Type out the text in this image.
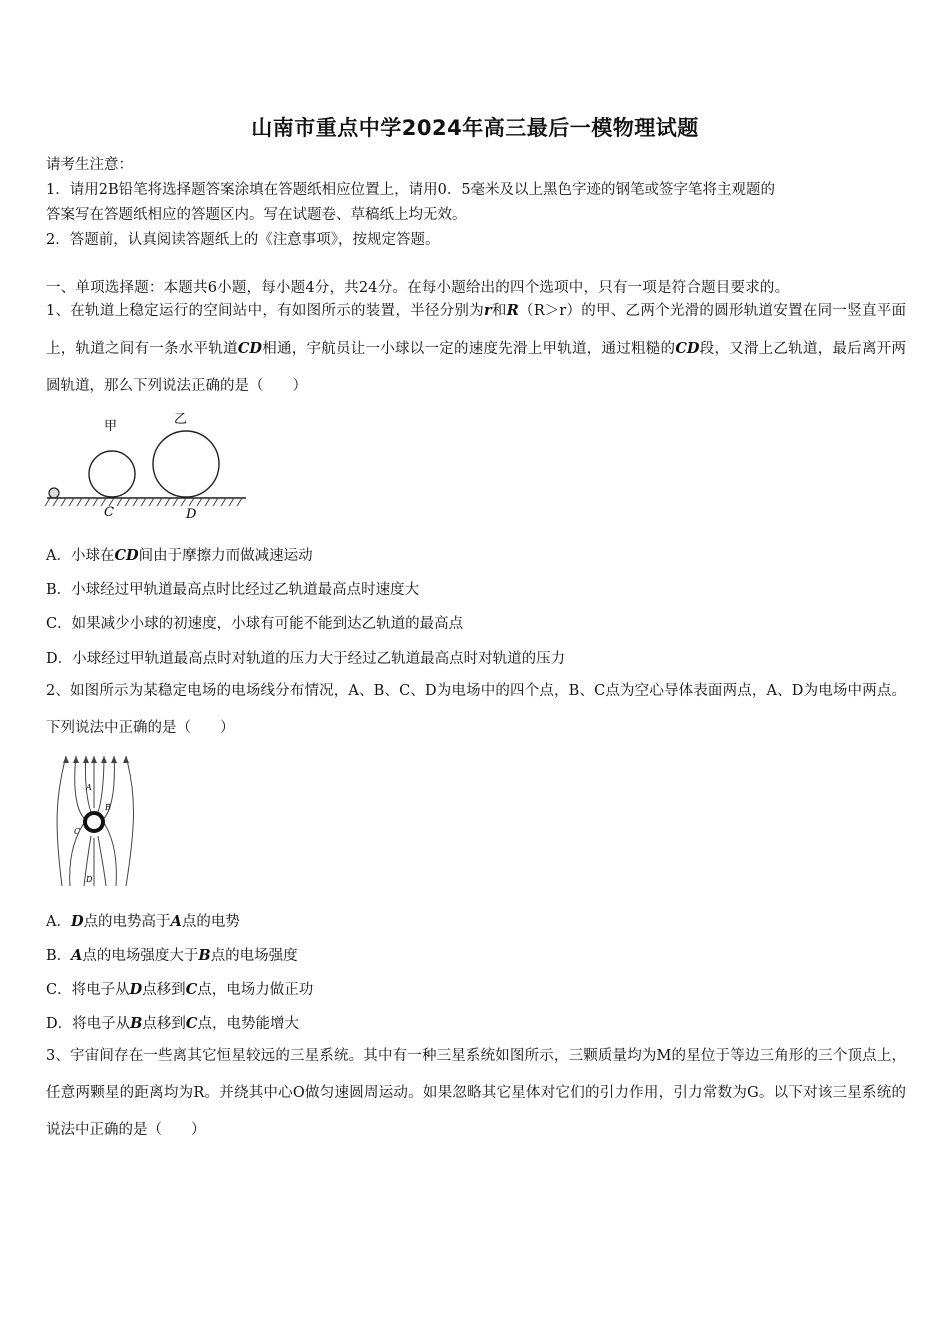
山南市重点中学2024年高三最后一模物理试题
请考生注意：
1．请用2B铅笔将选择题答案涂填在答题纸相应位置上，请用0．5毫米及以上黑色字迹的钢笔或签字笔将主观题的
答案写在答题纸相应的答题区内。写在试题卷、草稿纸上均无效。
2．答题前，认真阅读答题纸上的《注意事项》，按规定答题。
一、单项选择题：本题共6小题，每小题4分，共24分。在每小题给出的四个选项中，只有一项是符合题目要求的。
1、在轨道上稳定运行的空间站中，有如图所示的装置，半径分别为r和R（R＞r）的甲、乙两个光滑的圆形轨道安置在同一竖直平面上，轨道之间有一条水平轨道CD相通，宇航员让一小球以一定的速度先滑上甲轨道，通过粗糙的CD段，又滑上乙轨道，最后离开两圆轨道，那么下列说法正确的是（　　）
甲	乙
C	D
A．小球在CD间由于摩擦力而做减速运动
B．小球经过甲轨道最高点时比经过乙轨道最高点时速度大
C．如果减少小球的初速度，小球有可能不能到达乙轨道的最高点
D．小球经过甲轨道最高点时对轨道的压力大于经过乙轨道最高点时对轨道的压力
2、如图所示为某稳定电场的电场线分布情况，A、B、C、D为电场中的四个点，B、C点为空心导体表面两点，A、D为电场中两点。下列说法中正确的是（　　）
A
B
C
D
A．D点的电势高于A点的电势
B．A点的电场强度大于B点的电场强度
C．将电子从D点移到C点，电场力做正功
D．将电子从B点移到C点，电势能增大
3、宇宙间存在一些离其它恒星较远的三星系统。其中有一种三星系统如图所示，三颗质量均为M的星位于等边三角形的三个顶点上，任意两颗星的距离均为R。并绕其中心O做匀速圆周运动。如果忽略其它星体对它们的引力作用，引力常数为G。以下对该三星系统的说法中正确的是（　　）
